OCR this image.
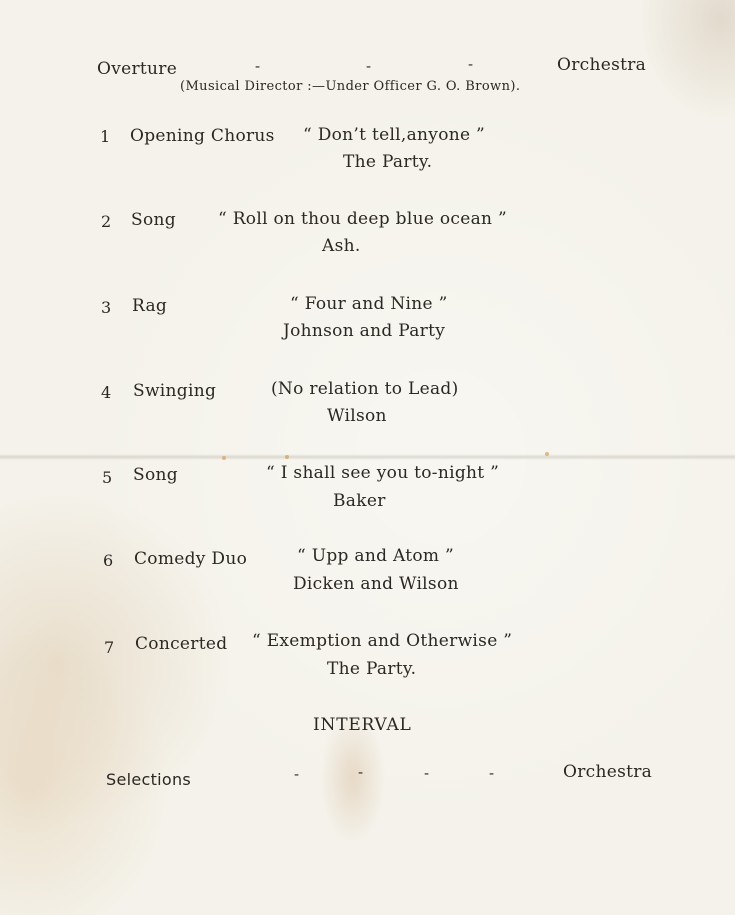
Overture	-	-	-	Orchestra
(Musical Director :—Under Officer G. O. Brown).
1 Opening Chorus “ Don’t tell,anyone ”
The Party.
2 Song “ Roll on thou deep blue ocean ”
Ash.
3 Rag	“ Four and Nine ”
Johnson and Party
4 Swinging	(No relation to Lead)
Wilson
5 Song	“ I shall see you to-night ”
Baker
6 Comedy Duo	“ Upp and Atom ”
Dicken and Wilson
7 Concerted “ Exemption and Otherwise ”
The Party.
INTERVAL
Selections	-	-	-	-	Orchestra
